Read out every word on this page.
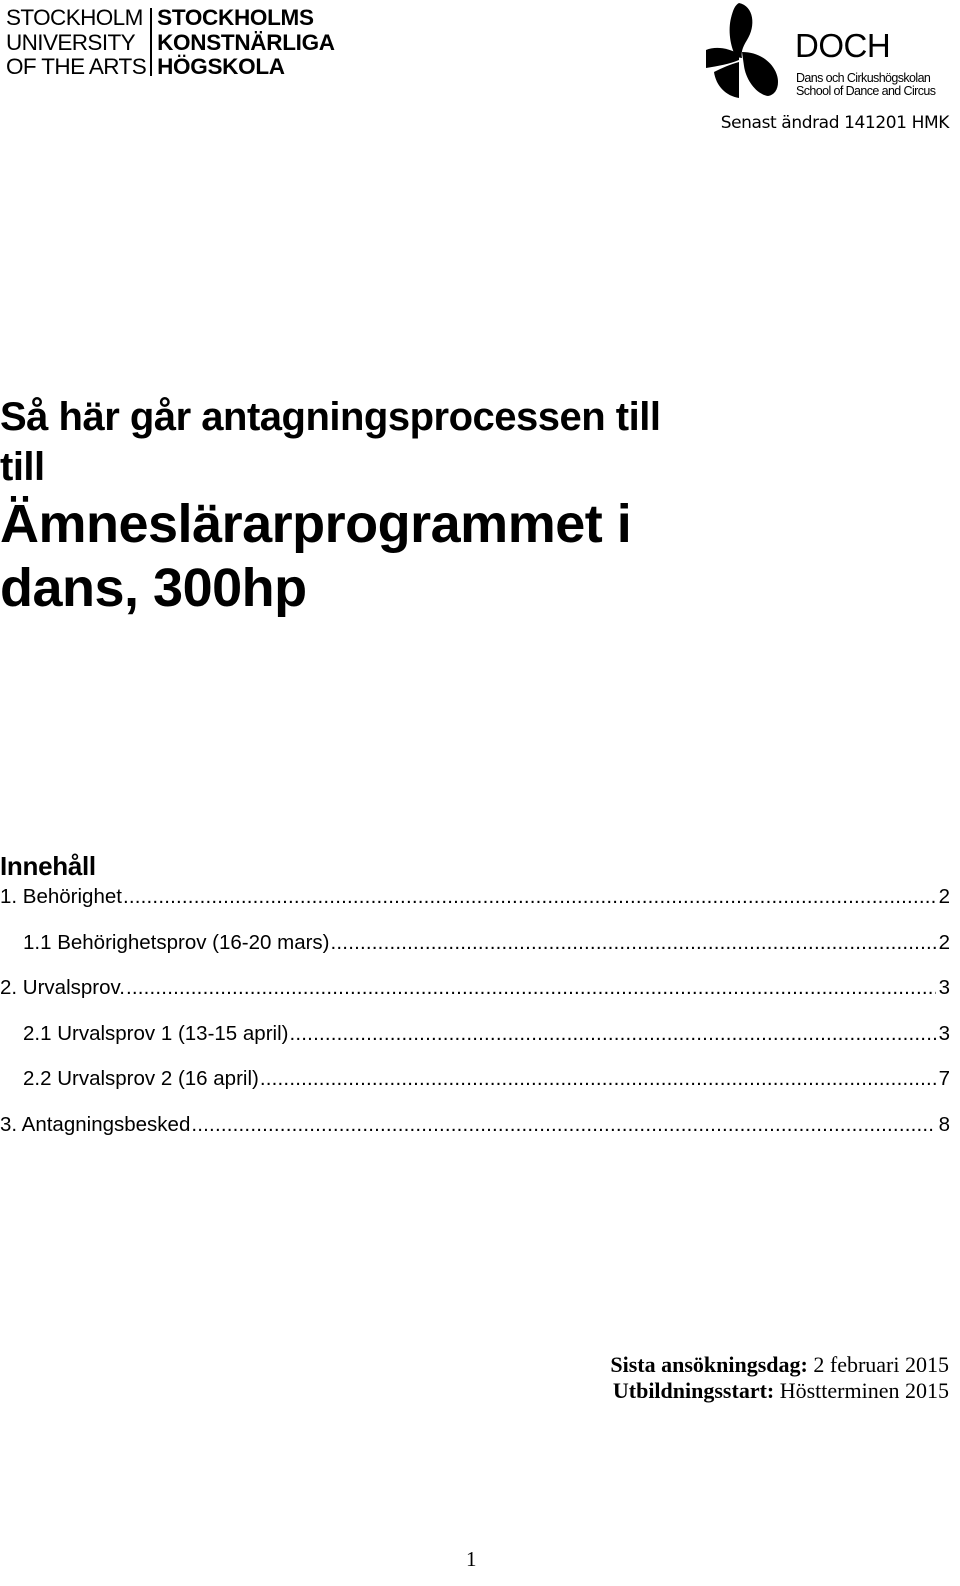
STOCKHOLM
UNIVERSITY
OF THE ARTS
STOCKHOLMS
KONSTNÄRLIGA
HÖGSKOLA
DOCH
Dans och Cirkushögskolan
School of Dance and Circus
Senast ändrad 141201 HMK
Så här går antagningsprocessen till
till
Ämneslärarprogrammet i
dans, 300hp
Innehåll
1. Behörighet .....	2
1.1 Behörighetsprov (16-20 mars) .....	2
2. Urvalsprov. .....	3
2.1 Urvalsprov 1 (13-15 april) .....	3
2.2 Urvalsprov 2 (16 april) .....	7
3. Antagningsbesked .....	8
Sista ansökningsdag: 2 februari 2015
Utbildningsstart: Höstterminen 2015
1
